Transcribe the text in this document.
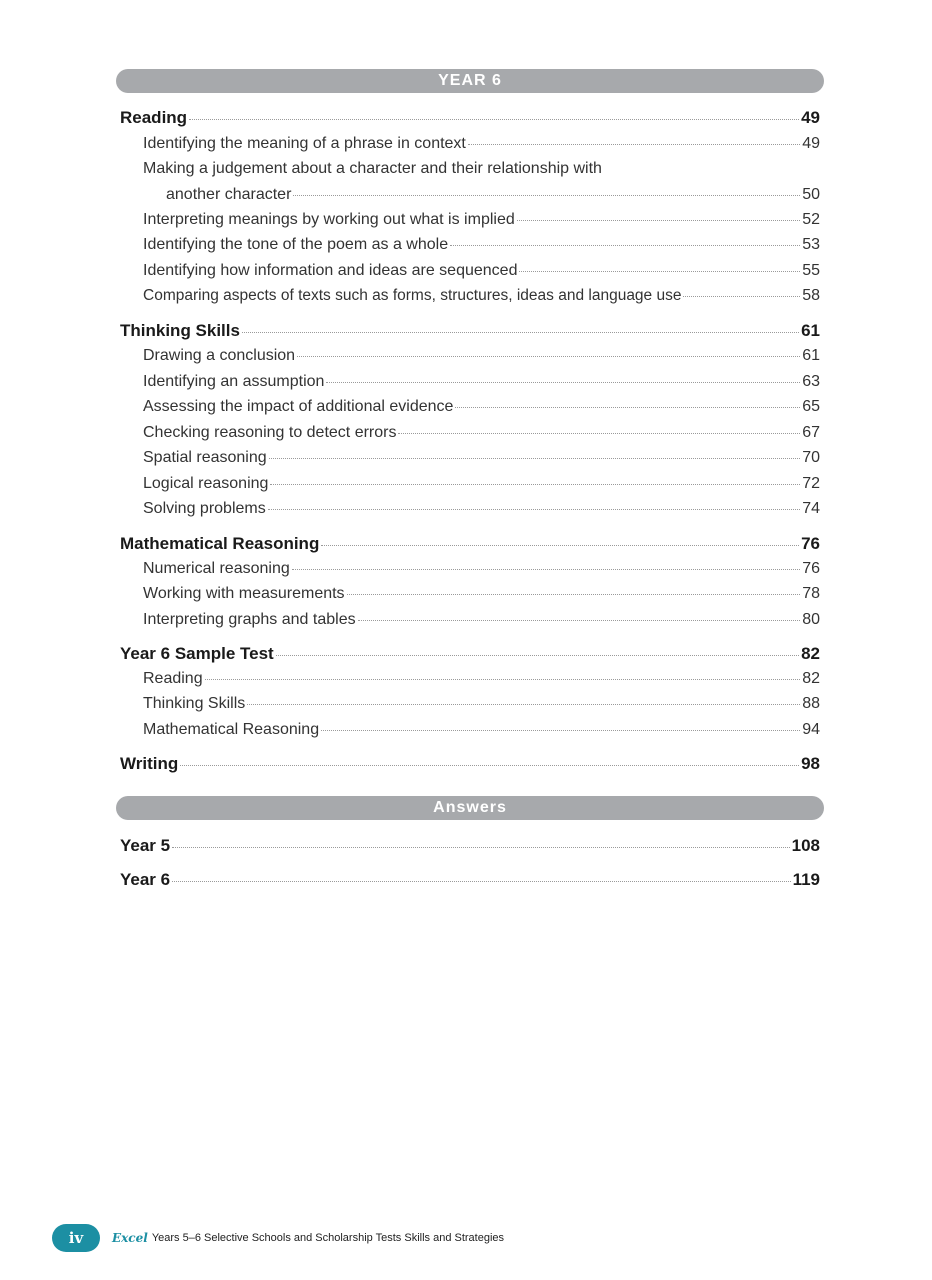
YEAR 6
Reading	49
Identifying the meaning of a phrase in context	49
Making a judgement about a character and their relationship with
another character	50
Interpreting meanings by working out what is implied	52
Identifying the tone of the poem as a whole	53
Identifying how information and ideas are sequenced	55
Comparing aspects of texts such as forms, structures, ideas and language use	58
Thinking Skills	61
Drawing a conclusion	61
Identifying an assumption	63
Assessing the impact of additional evidence	65
Checking reasoning to detect errors	67
Spatial reasoning	70
Logical reasoning	72
Solving problems	74
Mathematical Reasoning	76
Numerical reasoning	76
Working with measurements	78
Interpreting graphs and tables	80
Year 6 Sample Test	82
Reading	82
Thinking Skills	88
Mathematical Reasoning	94
Writing	98
Answers
Year 5	108
Year 6	119
iv	Excel Years 5–6 Selective Schools and Scholarship Tests Skills and Strategies
